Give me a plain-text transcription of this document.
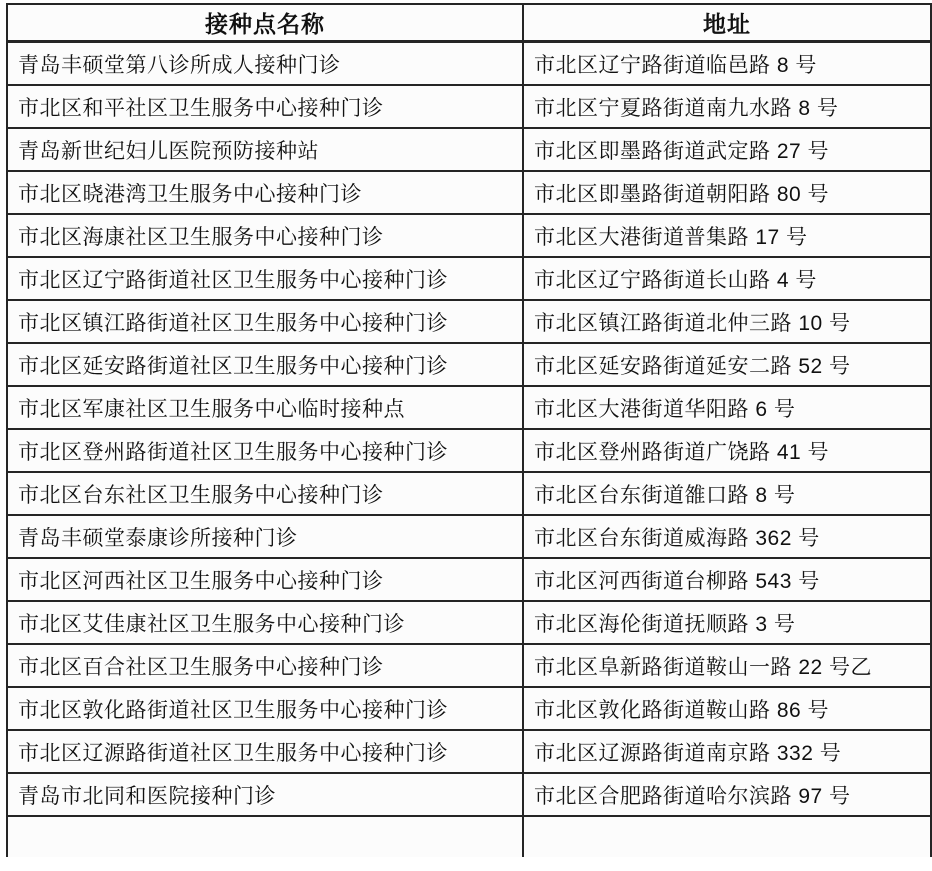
接种点名称	地址
青岛丰硕堂第八诊所成人接种门诊	市北区辽宁路街道临邑路 8 号
市北区和平社区卫生服务中心接种门诊	市北区宁夏路街道南九水路 8 号
青岛新世纪妇儿医院预防接种站	市北区即墨路街道武定路 27 号
市北区晓港湾卫生服务中心接种门诊	市北区即墨路街道朝阳路 80 号
市北区海康社区卫生服务中心接种门诊	市北区大港街道普集路 17 号
市北区辽宁路街道社区卫生服务中心接种门诊	市北区辽宁路街道长山路 4 号
市北区镇江路街道社区卫生服务中心接种门诊	市北区镇江路街道北仲三路 10 号
市北区延安路街道社区卫生服务中心接种门诊	市北区延安路街道延安二路 52 号
市北区军康社区卫生服务中心临时接种点	市北区大港街道华阳路 6 号
市北区登州路街道社区卫生服务中心接种门诊	市北区登州路街道广饶路 41 号
市北区台东社区卫生服务中心接种门诊	市北区台东街道雒口路 8 号
青岛丰硕堂泰康诊所接种门诊	市北区台东街道威海路 362 号
市北区河西社区卫生服务中心接种门诊	市北区河西街道台柳路 543 号
市北区艾佳康社区卫生服务中心接种门诊	市北区海伦街道抚顺路 3 号
市北区百合社区卫生服务中心接种门诊	市北区阜新路街道鞍山一路 22 号乙
市北区敦化路街道社区卫生服务中心接种门诊	市北区敦化路街道鞍山路 86 号
市北区辽源路街道社区卫生服务中心接种门诊	市北区辽源路街道南京路 332 号
青岛市北同和医院接种门诊	市北区合肥路街道哈尔滨路 97 号
